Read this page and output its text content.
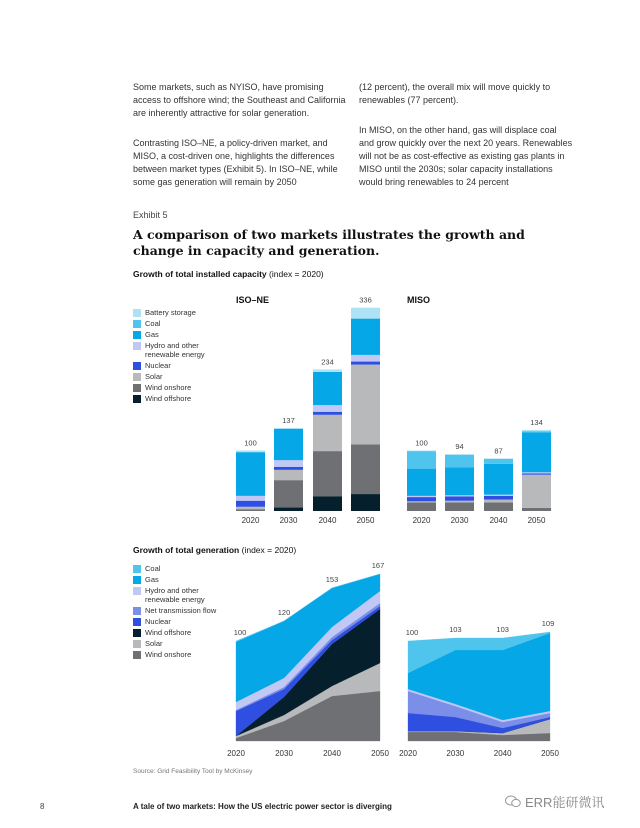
Some markets, such as NYISO, have promising access to offshore wind; the Southeast and California are inherently attractive for solar generation.
Contrasting ISO–NE, a policy-driven market, and MISO, a cost-driven one, highlights the differences between market types (Exhibit 5). In ISO–NE, while some gas generation will remain by 2050
(12 percent), the overall mix will move quickly to renewables (77 percent).
In MISO, on the other hand, gas will displace coal and grow quickly over the next 20 years. Renewables will not be as cost-effective as existing gas plants in MISO until the 2030s; solar capacity installations would bring renewables to 24 percent
Exhibit 5
A comparison of two markets illustrates the growth and change in capacity and generation.
Growth of total installed capacity (index = 2020)
Battery storage
Coal
Gas
Hydro and other renewable energy
Nuclear
Solar
Wind onshore
Wind offshore
Growth of total generation (index = 2020)
Coal
Gas
Hydro and other renewable energy
Net transmission flow
Nuclear
Wind offshore
Solar
Wind onshore
ISO–NE
100
2020
137
2030
234
2040
336
2050
MISO
100
2020
94
2030
87
2040
134
2050
2020
100
2030
120
2040
153
2050
167
2020
100
2030
103
2040
103
2050
109
Source: Grid Feasibility Tool by McKinsey
8	A tale of two markets: How the US electric power sector is diverging	ERR能研微讯
